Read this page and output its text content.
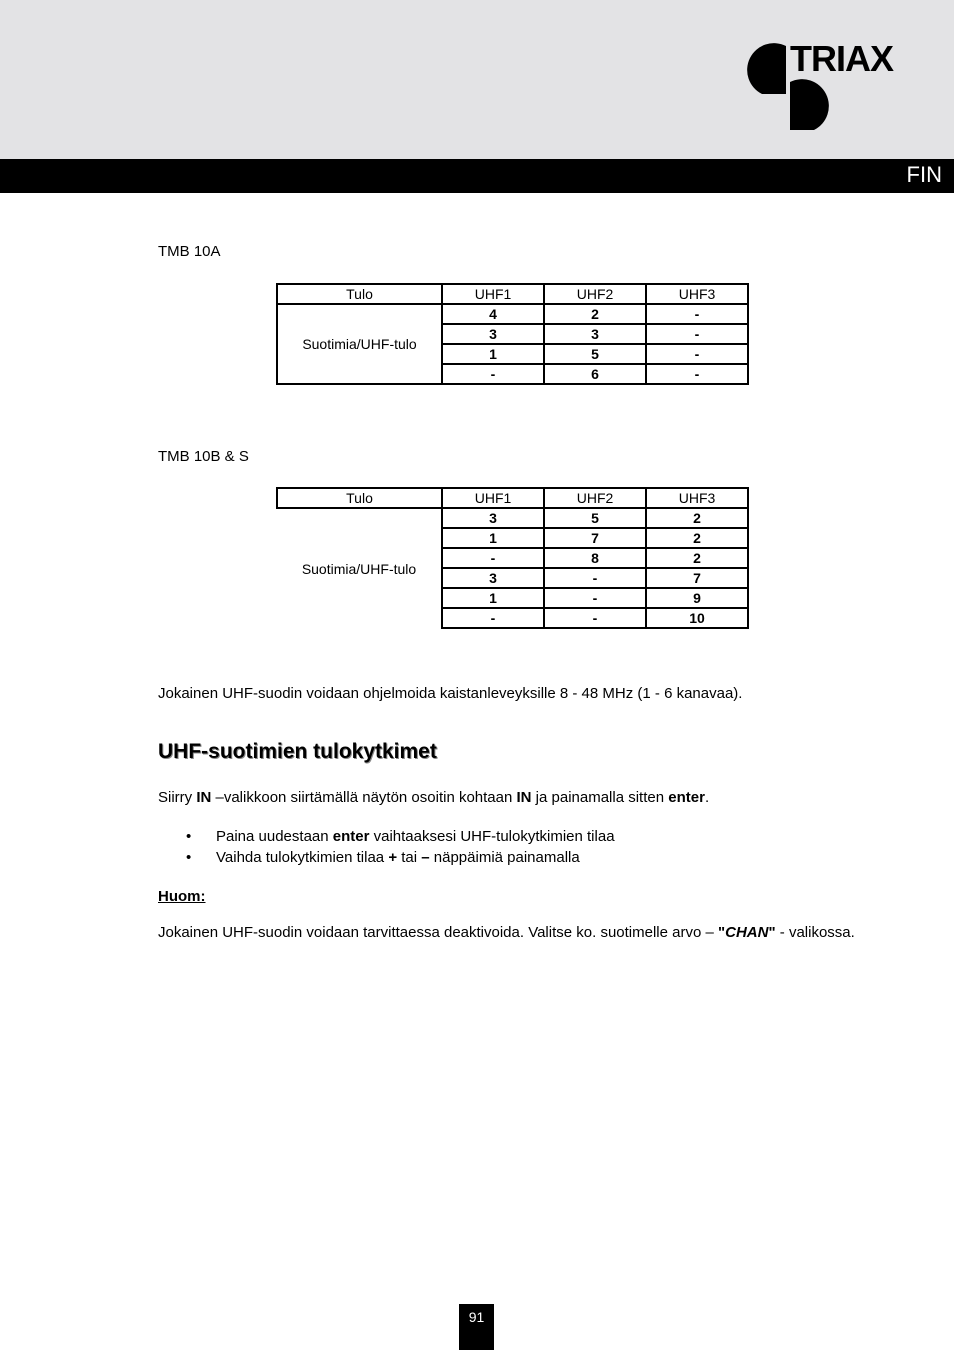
TRIAX
FIN
TMB 10A
Tulo	UHF1	UHF2	UHF3
Suotimia/UHF-tulo	4	2	-
	3	3	-
	1	5	-
	-	6	-
TMB 10B & S
Tulo	UHF1	UHF2	UHF3
Suotimia/UHF-tulo	3	5	2
	1	7	2
	-	8	2
	3	-	7
	1	-	9
	-	-	10
Jokainen UHF-suodin voidaan ohjelmoida kaistanleveyksille 8 - 48 MHz (1 - 6 kanavaa).
UHF-suotimien tulokytkimet
Siirry IN –valikkoon siirtämällä näytön osoitin kohtaan IN ja painamalla sitten enter.
• Paina uudestaan enter vaihtaaksesi UHF-tulokytkimien tilaa
• Vaihda tulokytkimien tilaa + tai – näppäimiä painamalla
Huom:
Jokainen UHF-suodin voidaan tarvittaessa deaktivoida. Valitse ko. suotimelle arvo – "CHAN" - valikossa.
91
